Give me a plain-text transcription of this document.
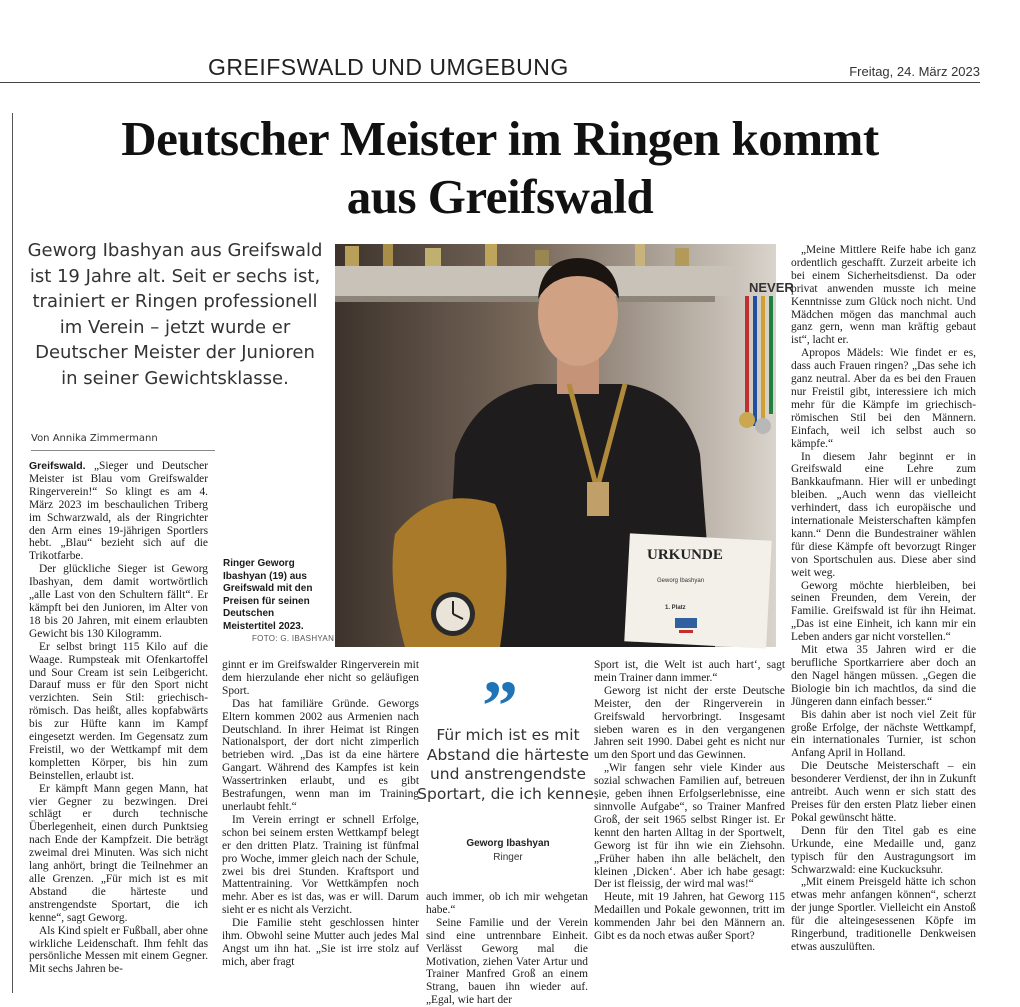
GREIFSWALD UND UMGEBUNG	Freitag, 24. März 2023
Deutscher Meister im Ringen kommt
aus Greifswald
Geworg Ibashyan aus Greifswald ist 19 Jahre alt. Seit er sechs ist, trainiert er Ringen professionell im Verein – jetzt wurde er Deutscher Meister der Junioren in seiner Gewichtsklasse.
Von Annika Zimmermann

Greifswald. „Sieger und Deutscher Meister ist Blau vom Greifswalder Ringerverein!“ So klingt es am 4. März 2023 im beschaulichen Triberg im Schwarzwald, als der Ringrichter den Arm eines 19-jährigen Sportlers hebt. „Blau“ bezieht sich auf die Trikotfarbe.

Der glückliche Sieger ist Geworg Ibashyan, dem damit wortwörtlich „alle Last von den Schultern fällt“. Er kämpft bei den Junioren, im Alter von 18 bis 20 Jahren, mit einem erlaubten Gewicht bis 130 Kilogramm.

Er selbst bringt 115 Kilo auf die Waage. Rumpsteak mit Ofenkartoffel und Sour Cream ist sein Leibgericht. Darauf muss er für den Sport nicht verzichten. Sein Stil: griechisch-römisch. Das heißt, alles kopfabwärts bis zur Hüfte kann im Kampf eingesetzt werden. Im Gegensatz zum Freistil, wo der Wettkampf mit dem kompletten Körper, bis hin zum Beinstellen, erlaubt ist.

Er kämpft Mann gegen Mann, hat vier Gegner zu bezwingen. Drei schlägt er durch technische Überlegenheit, einen durch Punktsieg nach Ende der Kampfzeit. Die beträgt zweimal drei Minuten. Was sich nicht lang anhört, bringt die Teilnehmer an alle Grenzen. „Für mich ist es mit Abstand die härteste und anstrengendste Sportart, die ich kenne“, sagt Geworg.

Als Kind spielt er Fußball, aber ohne wirkliche Leidenschaft. Ihm fehlt das persönliche Messen mit einem Gegner. Mit sechs Jahren be-

Ringer Geworg Ibashyan (19) aus Greifswald mit den Preisen für seinen Deutschen Meistertitel 2023.
FOTO: G. IBASHYAN
NEVER
URKUNDE
Geworg Ibashyan
1. Platz

ginnt er im Greifswalder Ringerverein mit dem hierzulande eher nicht so geläufigen Sport.

Das hat familiäre Gründe. Geworgs Eltern kommen 2002 aus Armenien nach Deutschland. In ihrer Heimat ist Ringen Nationalsport, der dort nicht zimperlich betrieben wird. „Das ist da eine härtere Gangart. Während des Kampfes ist kein Wassertrinken erlaubt, und es gibt Bestrafungen, wenn man im Training unerlaubt fehlt.“

Im Verein erringt er schnell Erfolge, schon bei seinem ersten Wettkampf belegt er den dritten Platz. Training ist fünfmal pro Woche, immer gleich nach der Schule, zwei bis drei Stunden. Kraftsport und Mattentraining. Vor Wettkämpfen noch mehr. Aber es ist das, was er will. Darum sieht er es nicht als Verzicht.

Die Familie steht geschlossen hinter ihm. Obwohl seine Mutter auch jedes Mal Angst um ihn hat. „Sie ist irre stolz auf mich, aber fragt

”
Für mich ist es mit Abstand die härteste und anstrengendste Sportart, die ich kenne.
Geworg Ibashyan
Ringer

auch immer, ob ich mir wehgetan habe.“

Seine Familie und der Verein sind eine untrennbare Einheit. Verlässt Geworg mal die Motivation, ziehen Vater Artur und Trainer Manfred Groß an einem Strang, bauen ihn wieder auf. „Egal, wie hart der

Sport ist, die Welt ist auch hart‘, sagt mein Trainer dann immer.“

Geworg ist nicht der erste Deutsche Meister, den der Ringerverein in Greifswald hervorbringt. Insgesamt sieben waren es in den vergangenen Jahren seit 1990. Dabei geht es nicht nur um den Sport und das Gewinnen.

„Wir fangen sehr viele Kinder aus sozial schwachen Familien auf, betreuen sie, geben ihnen Erfolgserlebnisse, eine sinnvolle Aufgabe“, so Trainer Manfred Groß, der seit 1965 selbst Ringer ist. Er kennt den harten Alltag in der Sportwelt, Geworg ist für ihn wie ein Ziehsohn. „Früher haben ihn alle belächelt, den kleinen ‚Dicken‘. Aber ich habe gesagt: Der ist fleissig, der wird mal was!“

Heute, mit 19 Jahren, hat Geworg 115 Medaillen und Pokale gewonnen, tritt im kommenden Jahr bei den Männern an. Gibt es da noch etwas außer Sport?

„Meine Mittlere Reife habe ich ganz ordentlich geschafft. Zurzeit arbeite ich bei einem Sicherheitsdienst. Da oder privat anwenden musste ich meine Kenntnisse zum Glück noch nicht. Und Mädchen mögen das manchmal auch ganz gern, wenn man kräftig gebaut ist“, lacht er.

Apropos Mädels: Wie findet er es, dass auch Frauen ringen? „Das sehe ich ganz neutral. Aber da es bei den Frauen nur Freistil gibt, interessiere ich mich mehr für die Kämpfe im griechisch-römischen Stil bei den Männern. Einfach, weil ich selbst auch so kämpfe.“

In diesem Jahr beginnt er in Greifswald eine Lehre zum Bankkaufmann. Hier will er unbedingt bleiben. „Auch wenn das vielleicht verhindert, dass ich europäische und internationale Meisterschaften kämpfen kann.“ Denn die Bundestrainer wählen für diese Kämpfe oft bevorzugt Ringer von Sportschulen aus. Diese aber sind weit weg.

Geworg möchte hierbleiben, bei seinen Freunden, dem Verein, der Familie. Greifswald ist für ihn Heimat. „Das ist eine Einheit, ich kann mir ein Leben anders gar nicht vorstellen.“

Mit etwa 35 Jahren wird er die berufliche Sportkarriere aber doch an den Nagel hängen müssen. „Gegen die Biologie bin ich machtlos, da sind die Jüngeren dann einfach besser.“

Bis dahin aber ist noch viel Zeit für große Erfolge, der nächste Wettkampf, ein internationales Turnier, ist schon Anfang April in Holland.

Die Deutsche Meisterschaft – ein besonderer Verdienst, der ihn in Zukunft antreibt. Auch wenn er sich statt des Preises für den ersten Platz lieber einen Pokal gewünscht hätte.

Denn für den Titel gab es eine Urkunde, eine Medaille und, ganz typisch für den Austragungsort im Schwarzwald: eine Kuckucksuhr.

„Mit einem Preisgeld hätte ich schon etwas mehr anfangen können“, scherzt der junge Sportler. Vielleicht ein Anstoß für die alteingesessenen Köpfe im Ringerbund, traditionelle Denkweisen etwas auszulüften.
